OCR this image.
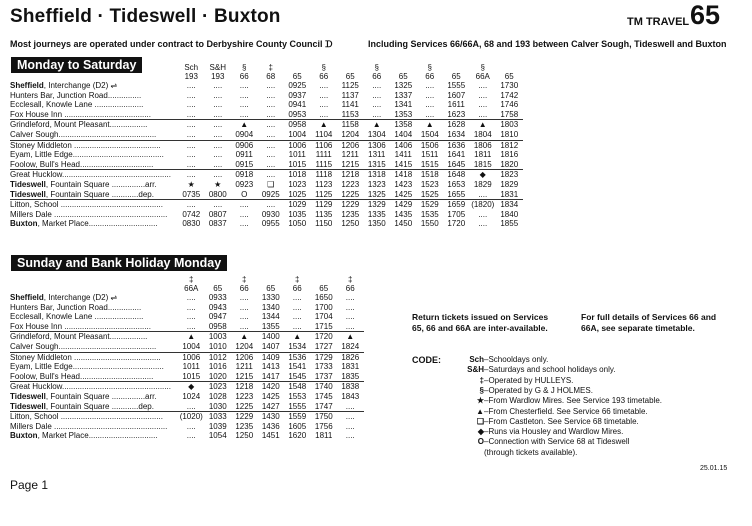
Sheffield · Tideswell · Buxton	TM TRAVEL 65
Most journeys are operated under contract to Derbyshire County Council ᗪ	Including Services 66/66A, 68 and 193 between Calver Sough, Tideswell and Buxton
Monday to Saturday
		Sch	S&H	§	‡		§		§		§		§	
	193	193	66	68	65	66	65	66	65	66	65	66A	65
Sheffield, Interchange (D2) ⇌	....	....	....	....	0925	....	1125	....	1325	....	1555	....	1730
Hunters Bar, Junction Road...............	....	....	....	....	0937	....	1137	....	1337	....	1607	....	1742
Ecclesall, Knowle Lane ......................	....	....	....	....	0941	....	1141	....	1341	....	1611	....	1746
Fox House Inn .......................................	....	....	....	....	0953	....	1153	....	1353	....	1623	....	1758
Grindleford, Mount Pleasant.................	....	....	▲	....	0958	▲	1158	▲	1358	▲	1628	▲	1803
Calver Sough............................................	....	....	0904	....	1004	1104	1204	1304	1404	1504	1634	1804	1810
Stoney Middleton .......................................	....	....	0906	....	1006	1106	1206	1306	1406	1506	1636	1806	1812
Eyam, Little Edge.........................................	....	....	0911	....	1011	1111	1211	1311	1411	1511	1641	1811	1816
Foolow, Bull's Head.................................	....	....	0915	....	1015	1115	1215	1315	1415	1515	1645	1815	1820
Great Hucklow.................................................	....	....	0918	....	1018	1118	1218	1318	1418	1518	1648	◆	1823
Tideswell, Fountain Square ...............arr.	★	★	0923	❑	1023	1123	1223	1323	1423	1523	1653	1829	1829
Tideswell, Fountain Square ............dep.	0735	0800	O	0925	1025	1125	1225	1325	1425	1525	1655	....	1831
Litton, School ..............................................	....	....	....	....	1029	1129	1229	1329	1429	1529	1659	(1820)	1834
Millers Dale ...................................................	0742	0807	....	0930	1035	1135	1235	1335	1435	1535	1705	....	1840
Buxton, Market Place...............................	0830	0837	....	0955	1050	1150	1250	1350	1450	1550	1720	....	1855
Sunday and Bank Holiday Monday
	‡		‡		‡		‡
	66A	65	66	65	66	65	66
Sheffield, Interchange (D2) ⇌	....	0933	....	1330	....	1650	....
Hunters Bar, Junction Road...............	....	0943	....	1340	....	1700	....
Ecclesall, Knowle Lane ......................	....	0947	....	1344	....	1704	....
Fox House Inn .......................................	....	0958	....	1355	....	1715	....
Grindleford, Mount Pleasant.................	▲	1003	▲	1400	▲	1720	▲
Calver Sough............................................	1004	1010	1204	1407	1534	1727	1824
Stoney Middleton .......................................	1006	1012	1206	1409	1536	1729	1826
Eyam, Little Edge.........................................	1011	1016	1211	1413	1541	1733	1831
Foolow, Bull's Head.................................	1015	1020	1215	1417	1545	1737	1835
Great Hucklow.................................................	◆	1023	1218	1420	1548	1740	1838
Tideswell, Fountain Square ...............arr.	1024	1028	1223	1425	1553	1745	1843
Tideswell, Fountain Square ............dep.	....	1030	1225	1427	1555	1747	....
Litton, School ..............................................	(1020)	1033	1229	1430	1559	1750	....
Millers Dale ...................................................	....	1039	1235	1436	1605	1756	....
Buxton, Market Place...............................	....	1054	1250	1451	1620	1811	....
Return tickets issued on Services 65, 66 and 66A are inter-available.
For full details of Services 66 and 66A, see separate timetable.
CODE:	Sch–Schooldays only.
S&H–Saturdays and school holidays only.
‡–Operated by HULLEYS.
§–Operated by G & J HOLMES.
★–From Wardlow Mires. See Service 193 timetable.
▲–From Chesterfield. See Service 66 timetable.
❑–From Castleton. See Service 68 timetable.
◆–Runs via Housley and Wardlow Mires.
O–Connection with Service 68 at Tideswell
(through tickets available).
25.01.15
Page 1
